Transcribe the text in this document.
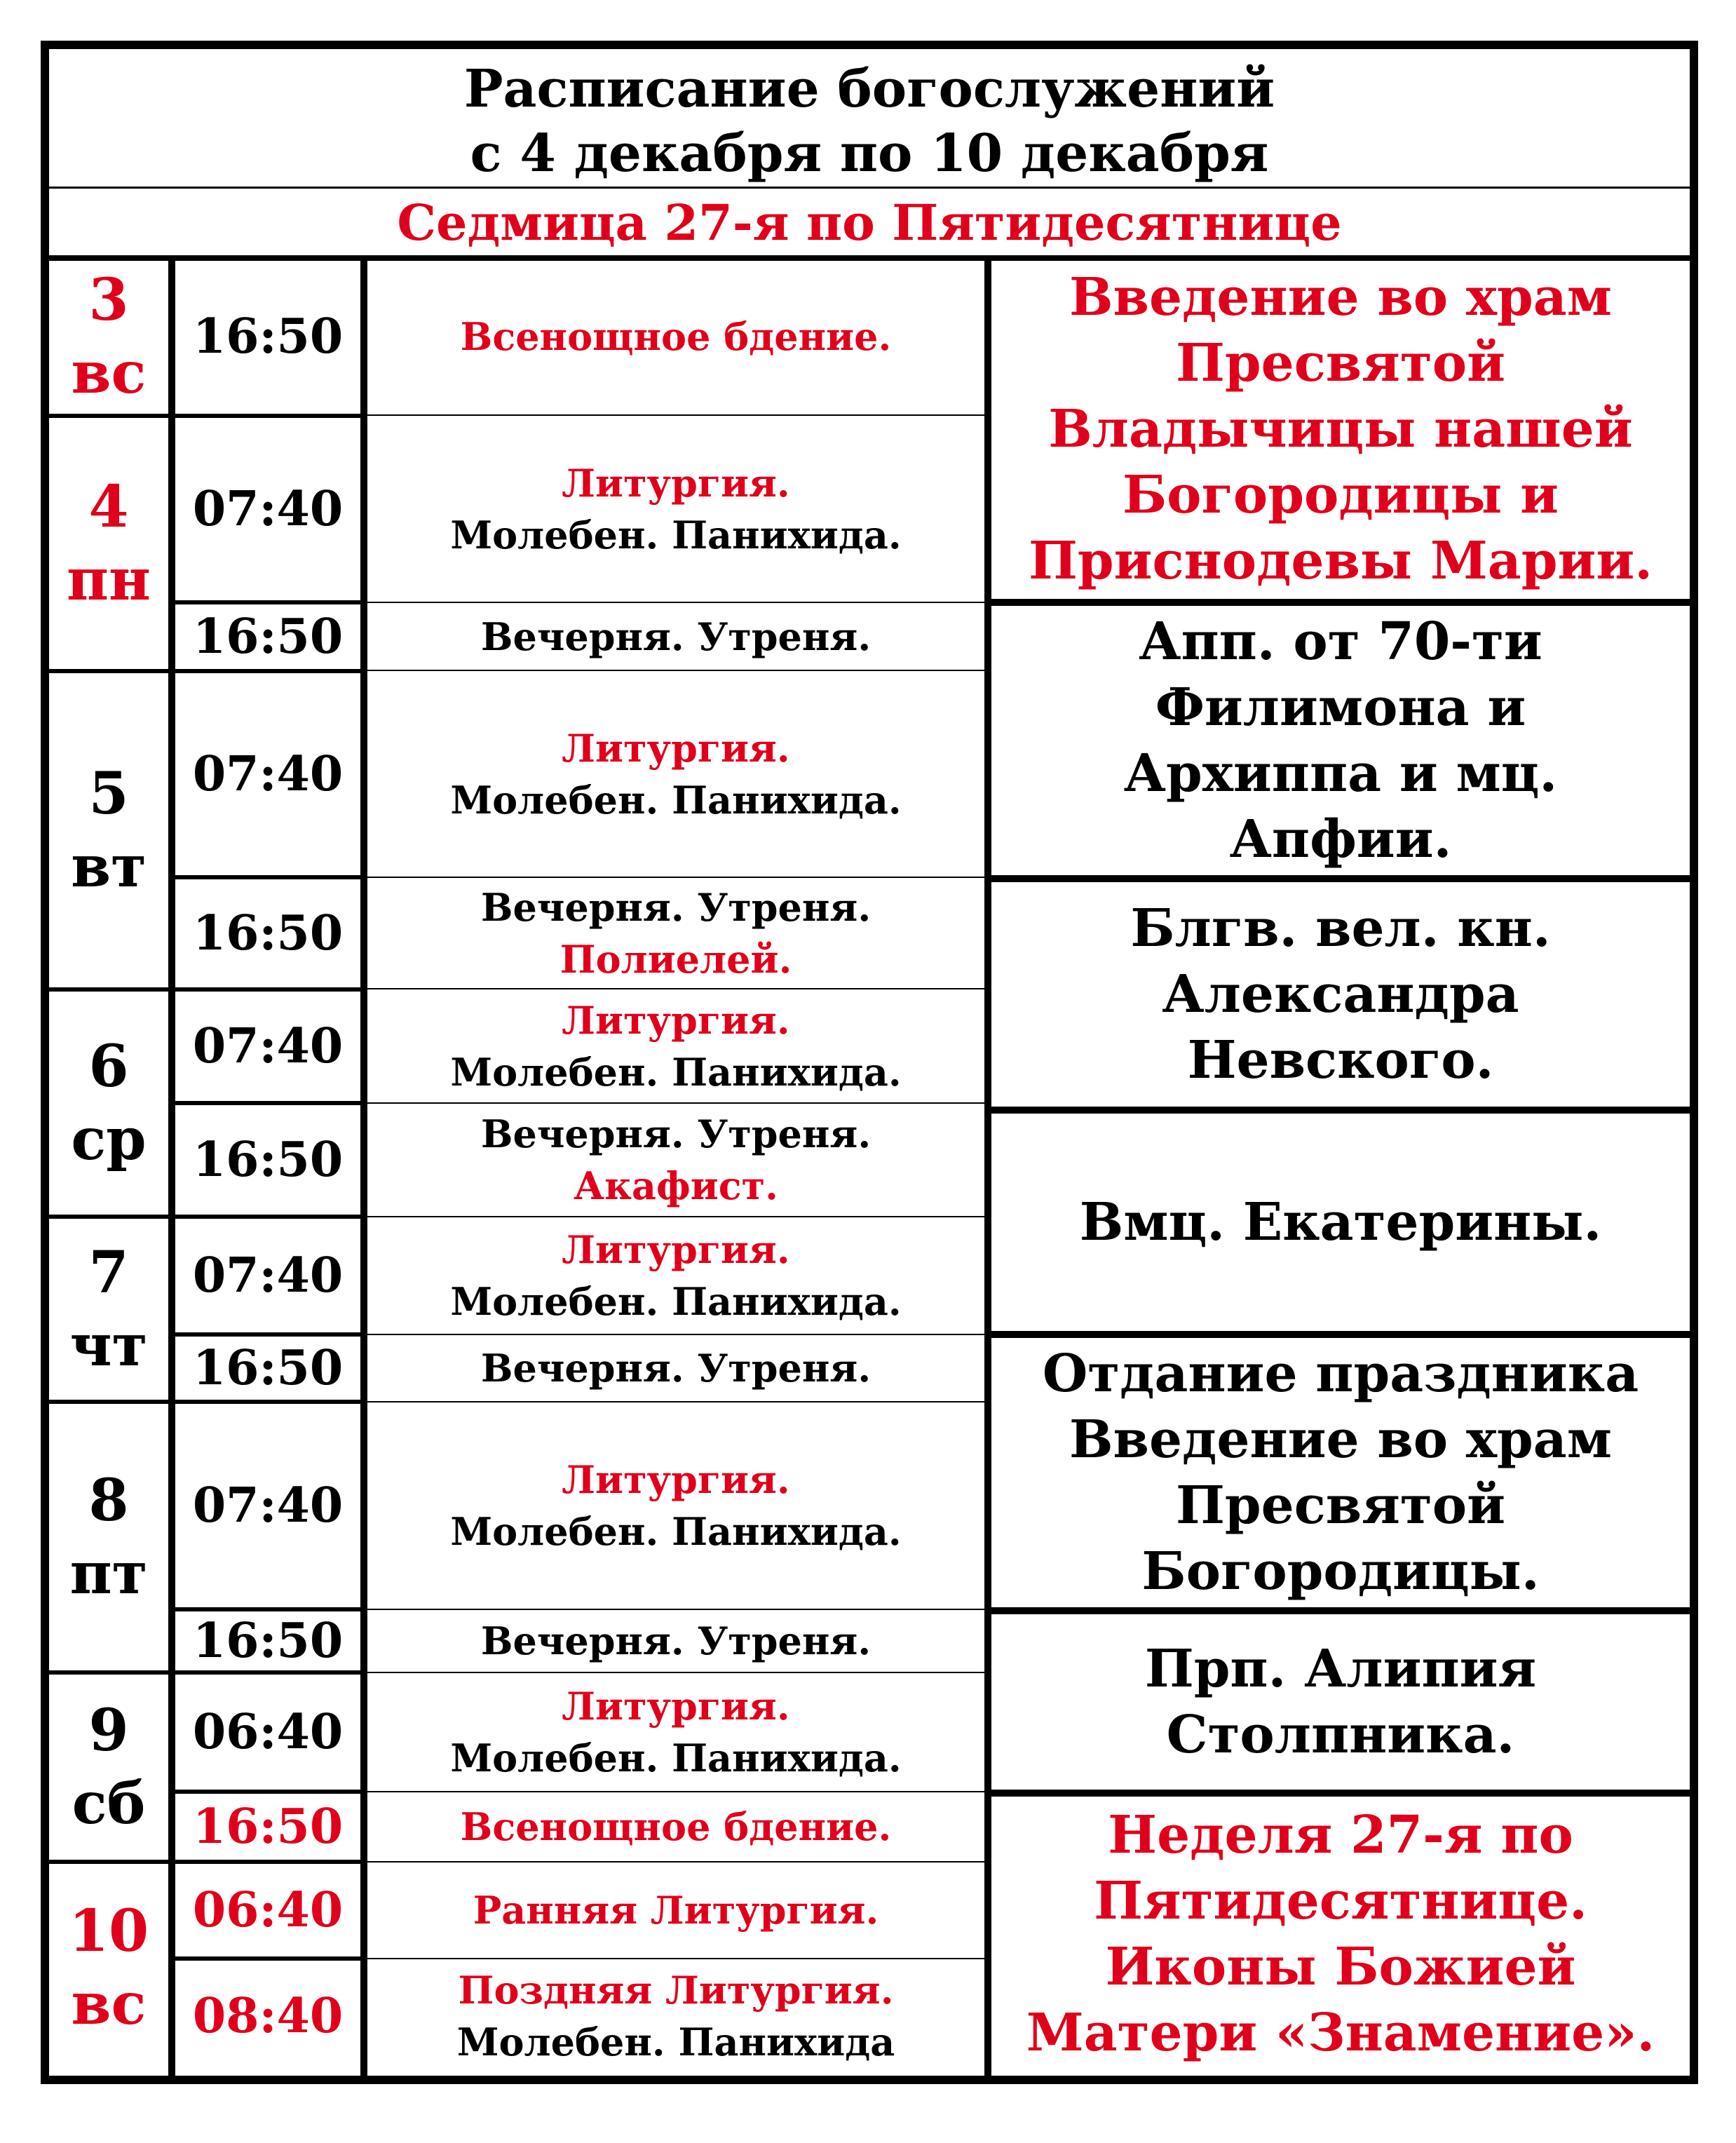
Расписание богослужений
с 4 декабря по 10 декабря
Седмица 27-я по Пятидесятнице
3
вс
4
пн
5
вт
6
ср
7
чт
8
пт
9
сб
10
вс
16:50
07:40
16:50
07:40
16:50
07:40
16:50
07:40
16:50
07:40
16:50
06:40
16:50
06:40
08:40
Всенощное бдение.
Литургия.
Молебен. Панихида.
Вечерня. Утреня.
Литургия.
Молебен. Панихида.
Вечерня. Утреня.
Полиелей.
Литургия.
Молебен. Панихида.
Вечерня. Утреня.
Акафист.
Литургия.
Молебен. Панихида.
Вечерня. Утреня.
Литургия.
Молебен. Панихида.
Вечерня. Утреня.
Литургия.
Молебен. Панихида.
Всенощное бдение.
Ранняя Литургия.
Поздняя Литургия.
Молебен. Панихида
Введение во храм
Пресвятой
Владычицы нашей
Богородицы и
Приснодевы Марии.
Апп. от 70-ти
Филимона и
Архиппа и мц.
Апфии.
Блгв. вел. кн.
Александра
Невского.
Вмц. Екатерины.
Отдание праздника
Введение во храм
Пресвятой
Богородицы.
Прп. Алипия
Столпника.
Неделя 27-я по
Пятидесятнице.
Иконы Божией
Матери «Знамение».
